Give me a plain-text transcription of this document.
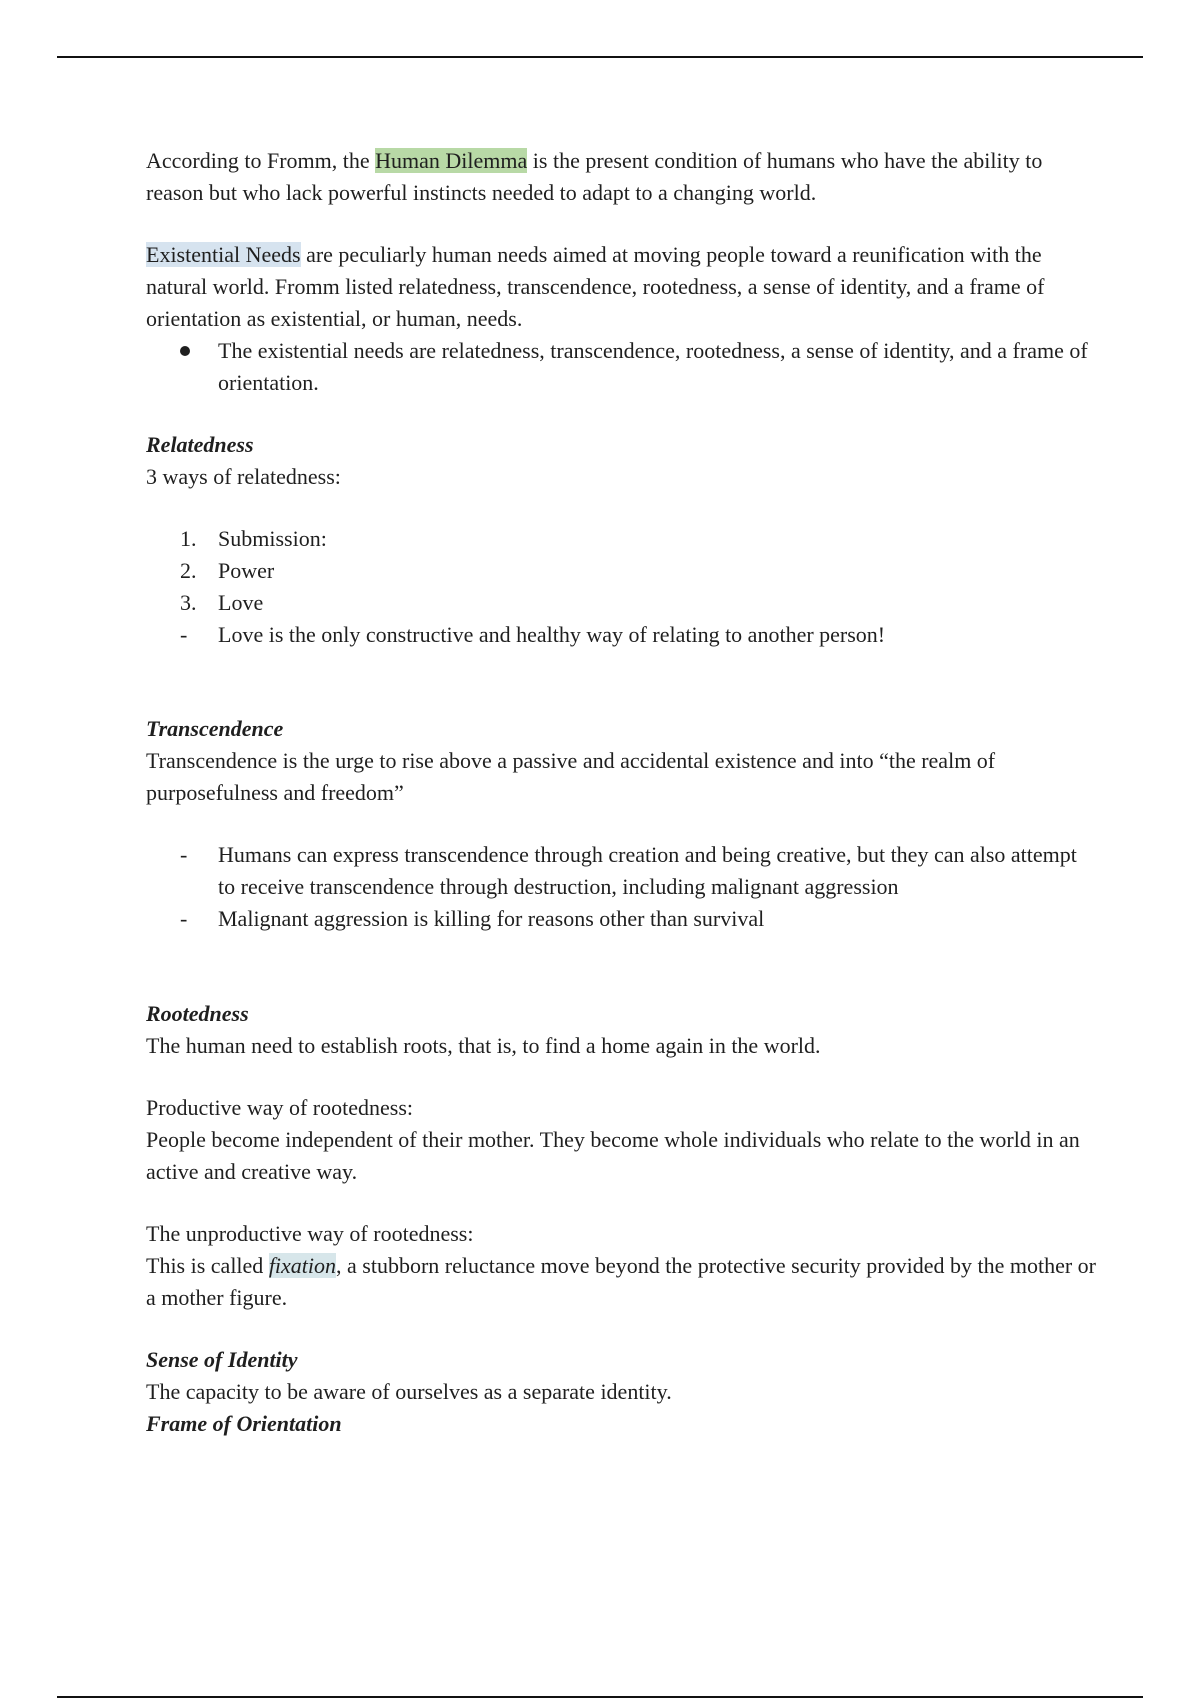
According to Fromm, the Human Dilemma is the present condition of humans who have the ability to reason but who lack powerful instincts needed to adapt to a changing world.

Existential Needs are peculiarly human needs aimed at moving people toward a reunification with the natural world. Fromm listed relatedness, transcendence, rootedness, a sense of identity, and a frame of orientation as existential, or human, needs.

The existential needs are relatedness, transcendence, rootedness, a sense of identity, and a frame of orientation.

Relatedness

3 ways of relatedness:

1. Submission:
2. Power
3. Love
-	Love is the only constructive and healthy way of relating to another person!

Transcendence

Transcendence is the urge to rise above a passive and accidental existence and into “the realm of purposefulness and freedom”

-	Humans can express transcendence through creation and being creative, but they can also attempt to receive transcendence through destruction, including malignant aggression
-	Malignant aggression is killing for reasons other than survival

Rootedness

The human need to establish roots, that is, to find a home again in the world.

Productive way of rootedness:

People become independent of their mother. They become whole individuals who relate to the world in an active and creative way.

The unproductive way of rootedness:

This is called fixation, a stubborn reluctance move beyond the protective security provided by the mother or a mother figure.

Sense of Identity

The capacity to be aware of ourselves as a separate identity.

Frame of Orientation
